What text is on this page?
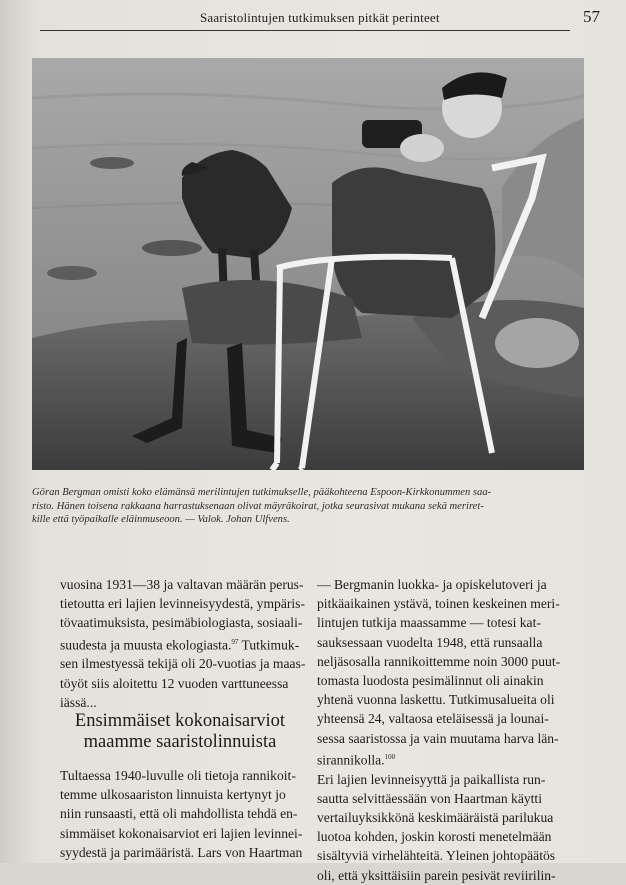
Saaristolintujen tutkimuksen pitkät perinteet	57
Göran Bergman omisti koko elämänsä merilintujen tutkimukselle, pääkohteena Espoon-Kirkkonummen saa-
risto. Hänen toisena rakkaana harrastuksenaan olivat mäyräkoirat, jotka seurasivat mukana sekä meriret-
kille että työpaikalle eläinmuseoon. — Valok. Johan Ulfvens.
vuosina 1931—38 ja valtavan määrän perus-
tietoutta eri lajien levinneisyydestä, ympäris-
tövaatimuksista, pesimäbiologiasta, sosiaali-
suudesta ja muusta ekologiasta.$^{97}$ Tutkimuk-
sen ilmestyessä tekijä oli 20-vuotias ja maas-
töyöt siis aloitettu 12 vuoden varttuneessa
iässä...
Ensimmäiset kokonaisarviot
maamme saaristolinnuista
Tultaessa 1940-luvulle oli tietoja rannikoit-
temme ulkosaariston linnuista kertynyt jo
niin runsaasti, että oli mahdollista tehdä en-
simmäiset kokonaisarviot eri lajien levinnei-
syydestä ja parimääristä. Lars von Haartman
— Bergmanin luokka- ja opiskelutoveri ja
pitkäaikainen ystävä, toinen keskeinen meri-
lintujen tutkija maassamme — totesi kat-
sauksessaan vuodelta 1948, että runsaalla
neljäsosalla rannikoittemme noin 3000 puut-
tomasta luodosta pesimälinnut oli ainakin
yhtenä vuonna laskettu. Tutkimusalueita oli
yhteensä 24, valtaosa eteläisessä ja lounai-
sessa saaristossa ja vain muutama harva län-
sirannikolla.$^{100}$
Eri lajien levinneisyyttä ja paikallista run-
sautta selvittäessään von Haartman käytti
vertailuyksikkönä keskimääräistä parilukua
luotoa kohden, joskin korosti menetelmään
sisältyviä virhelähteitä. Yleinen johtopäätös
oli, että yksittäisiin parein pesivät reviirilin-
